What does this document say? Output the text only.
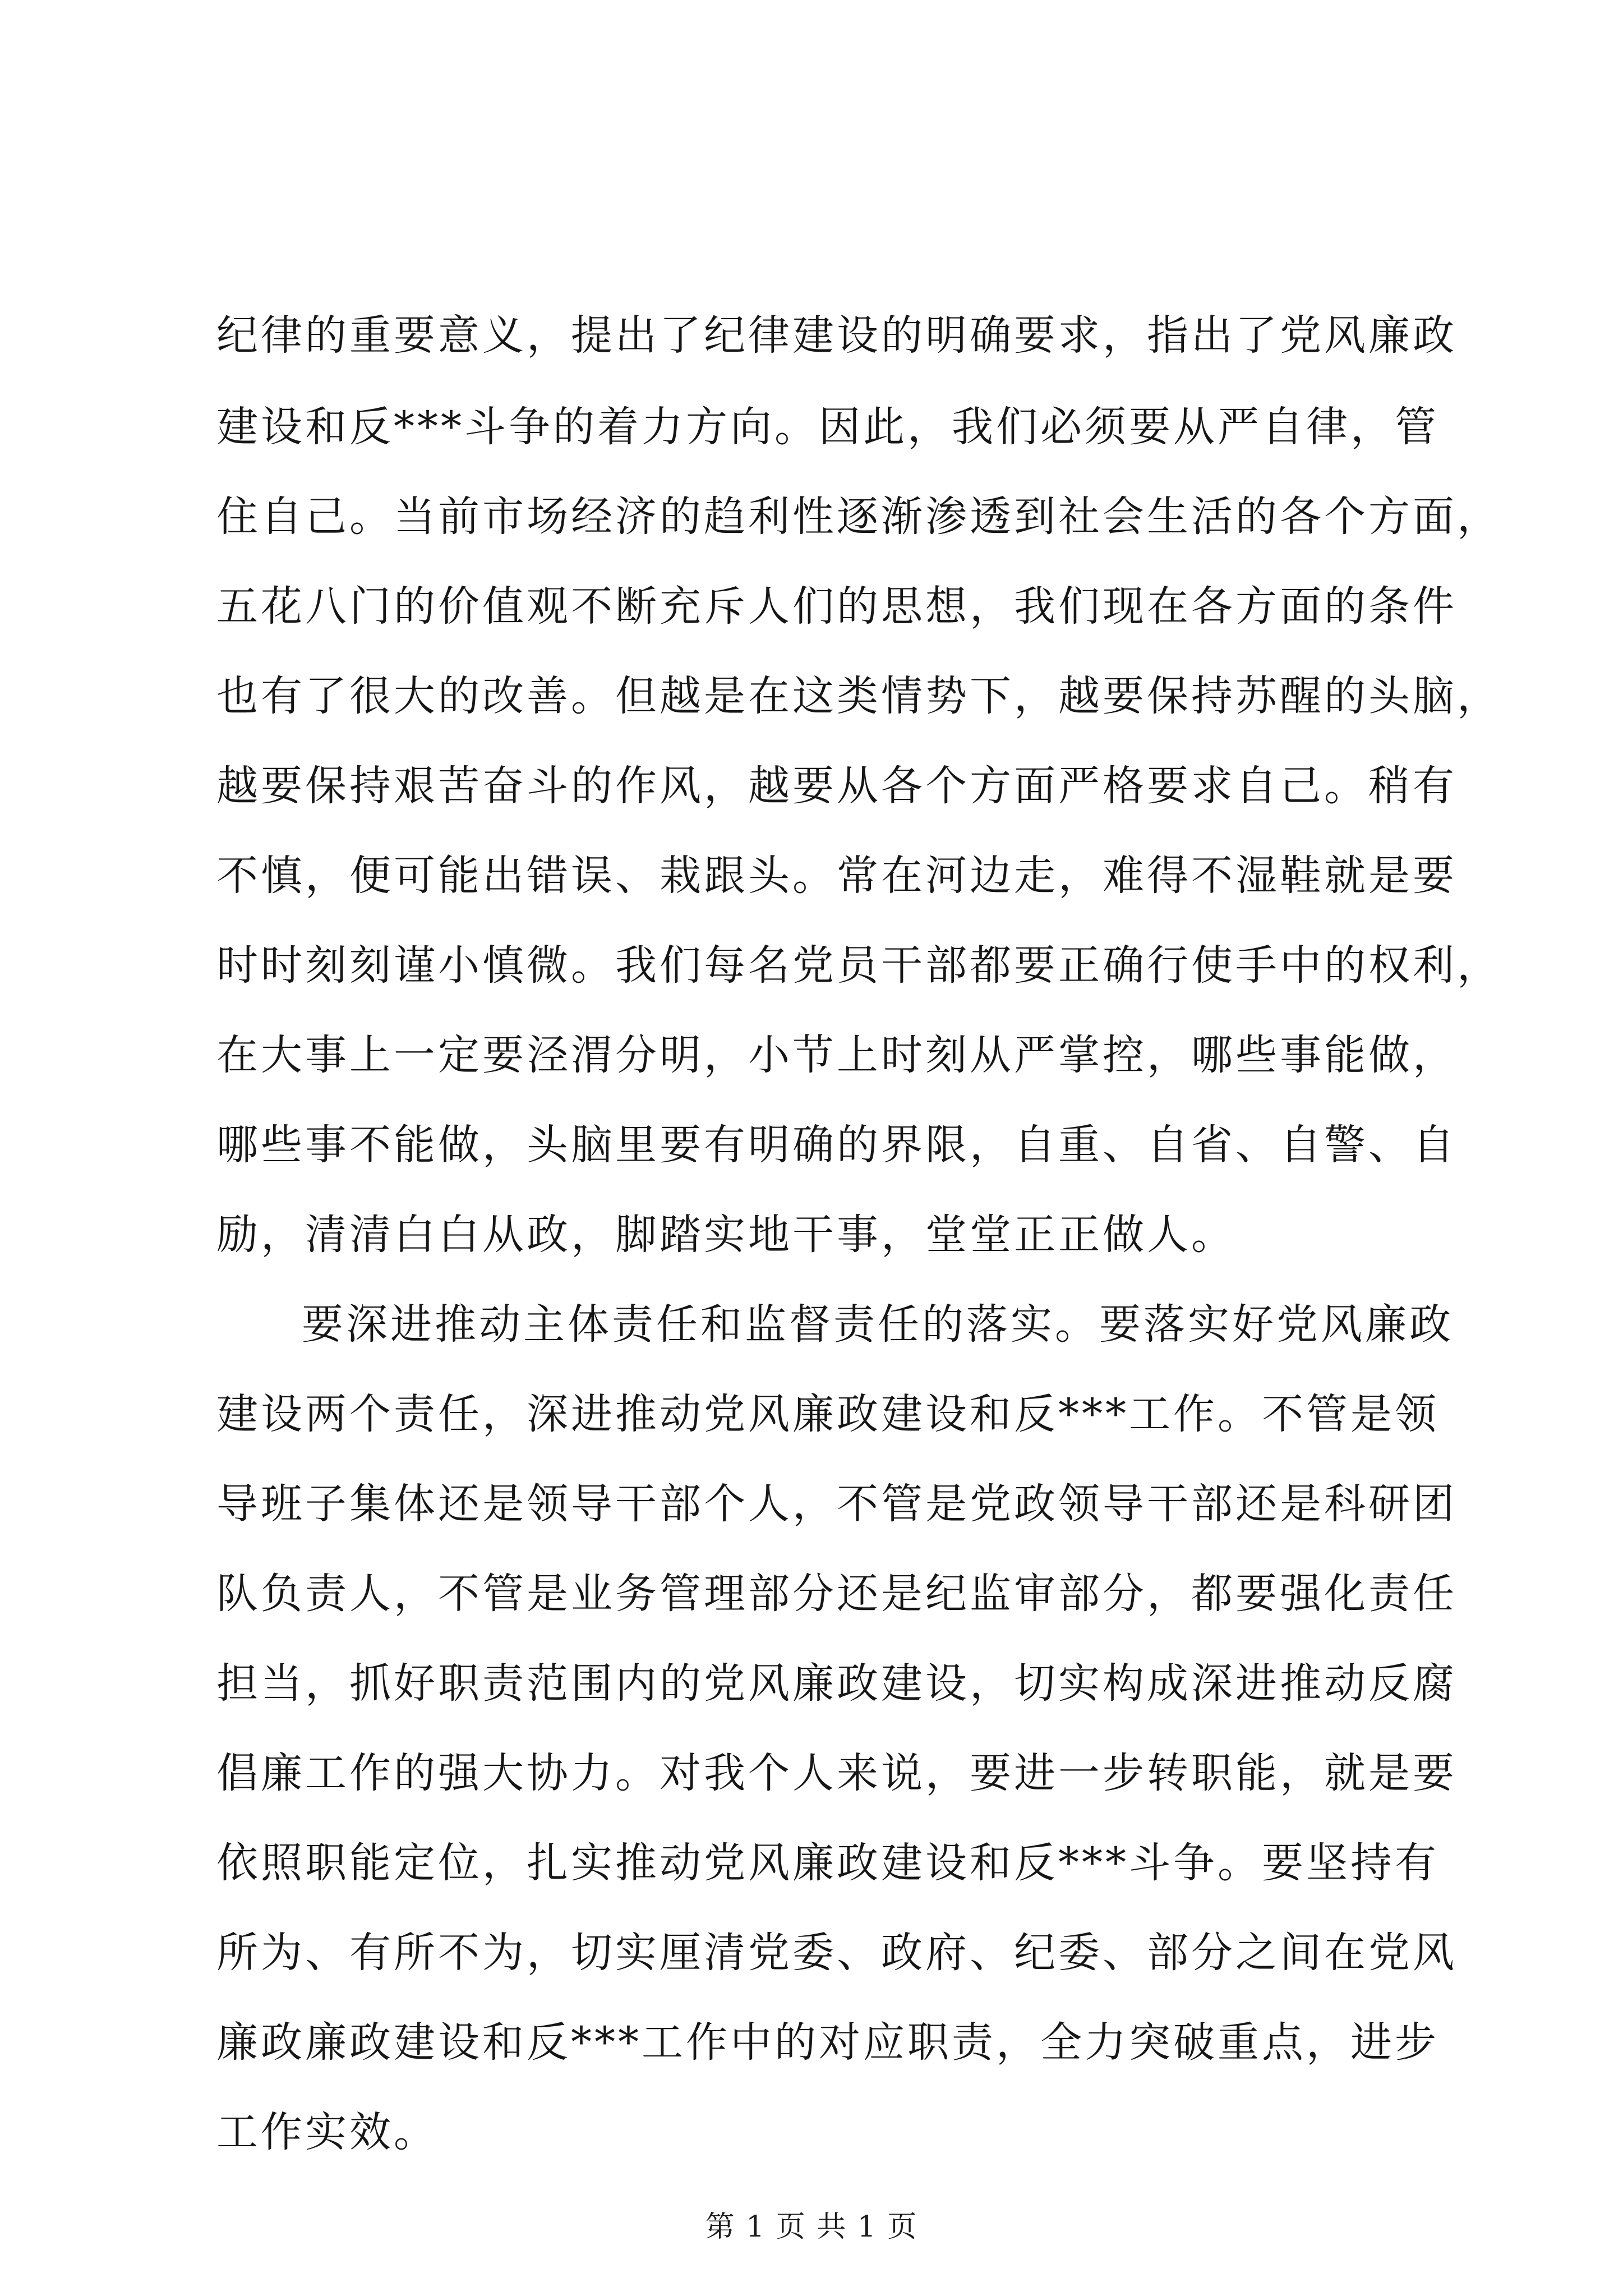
纪律的重要意义，提出了纪律建设的明确要求，指出了党风廉政
建设和反***斗争的着力方向。因此，我们必须要从严自律，管
住自己。当前市场经济的趋利性逐渐渗透到社会生活的各个方面，
五花八门的价值观不断充斥人们的思想，我们现在各方面的条件
也有了很大的改善。但越是在这类情势下，越要保持苏醒的头脑，
越要保持艰苦奋斗的作风，越要从各个方面严格要求自己。稍有
不慎，便可能出错误、栽跟头。常在河边走，难得不湿鞋就是要
时时刻刻谨小慎微。我们每名党员干部都要正确行使手中的权利，
在大事上一定要泾渭分明，小节上时刻从严掌控，哪些事能做，
哪些事不能做，头脑里要有明确的界限，自重、自省、自警、自
励，清清白白从政，脚踏实地干事，堂堂正正做人。
要深进推动主体责任和监督责任的落实。要落实好党风廉政
建设两个责任，深进推动党风廉政建设和反***工作。不管是领
导班子集体还是领导干部个人，不管是党政领导干部还是科研团
队负责人，不管是业务管理部分还是纪监审部分，都要强化责任
担当，抓好职责范围内的党风廉政建设，切实构成深进推动反腐
倡廉工作的强大协力。对我个人来说，要进一步转职能，就是要
依照职能定位，扎实推动党风廉政建设和反***斗争。要坚持有
所为、有所不为，切实厘清党委、政府、纪委、部分之间在党风
廉政廉政建设和反***工作中的对应职责，全力突破重点，进步
工作实效。
第 1 页 共 1 页
